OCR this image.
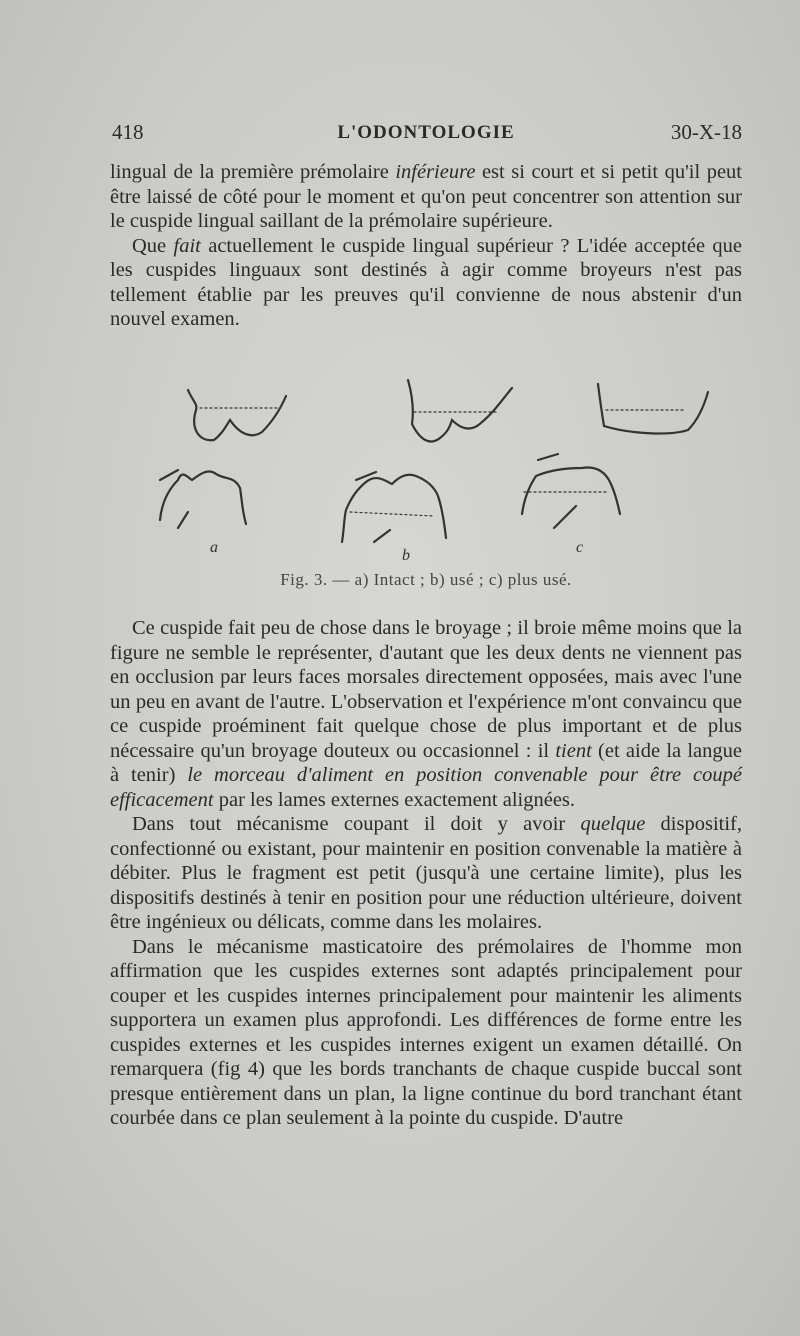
418	L'ODONTOLOGIE	30-X-18

lingual de la première prémolaire inférieure est si court et si petit qu'il peut être laissé de côté pour le moment et qu'on peut concentrer son attention sur le cuspide lingual saillant de la prémolaire supérieure.

Que fait actuellement le cuspide lingual supérieur ? L'idée acceptée que les cuspides linguaux sont destinés à agir comme broyeurs n'est pas tellement établie par les preuves qu'il convienne de nous abstenir d'un nouvel examen.

a	b	c
Fig. 3. — a) Intact ; b) usé ; c) plus usé.

Ce cuspide fait peu de chose dans le broyage ; il broie même moins que la figure ne semble le représenter, d'autant que les deux dents ne viennent pas en occlusion par leurs faces morsales directement opposées, mais avec l'une un peu en avant de l'autre. L'observation et l'expérience m'ont convaincu que ce cuspide proéminent fait quelque chose de plus important et de plus nécessaire qu'un broyage douteux ou occasionnel : il tient (et aide la langue à tenir) le morceau d'aliment en position convenable pour être coupé efficacement par les lames externes exactement alignées.

Dans tout mécanisme coupant il doit y avoir quelque dispositif, confectionné ou existant, pour maintenir en position convenable la matière à débiter. Plus le fragment est petit (jusqu'à une certaine limite), plus les dispositifs destinés à tenir en position pour une réduction ultérieure, doivent être ingénieux ou délicats, comme dans les molaires.

Dans le mécanisme masticatoire des prémolaires de l'homme mon affirmation que les cuspides externes sont adaptés principalement pour couper et les cuspides internes principalement pour maintenir les aliments supportera un examen plus approfondi. Les différences de forme entre les cuspides externes et les cuspides internes exigent un examen détaillé. On remarquera (fig 4) que les bords tranchants de chaque cuspide buccal sont presque entièrement dans un plan, la ligne continue du bord tranchant étant courbée dans ce plan seulement à la pointe du cuspide. D'autre
